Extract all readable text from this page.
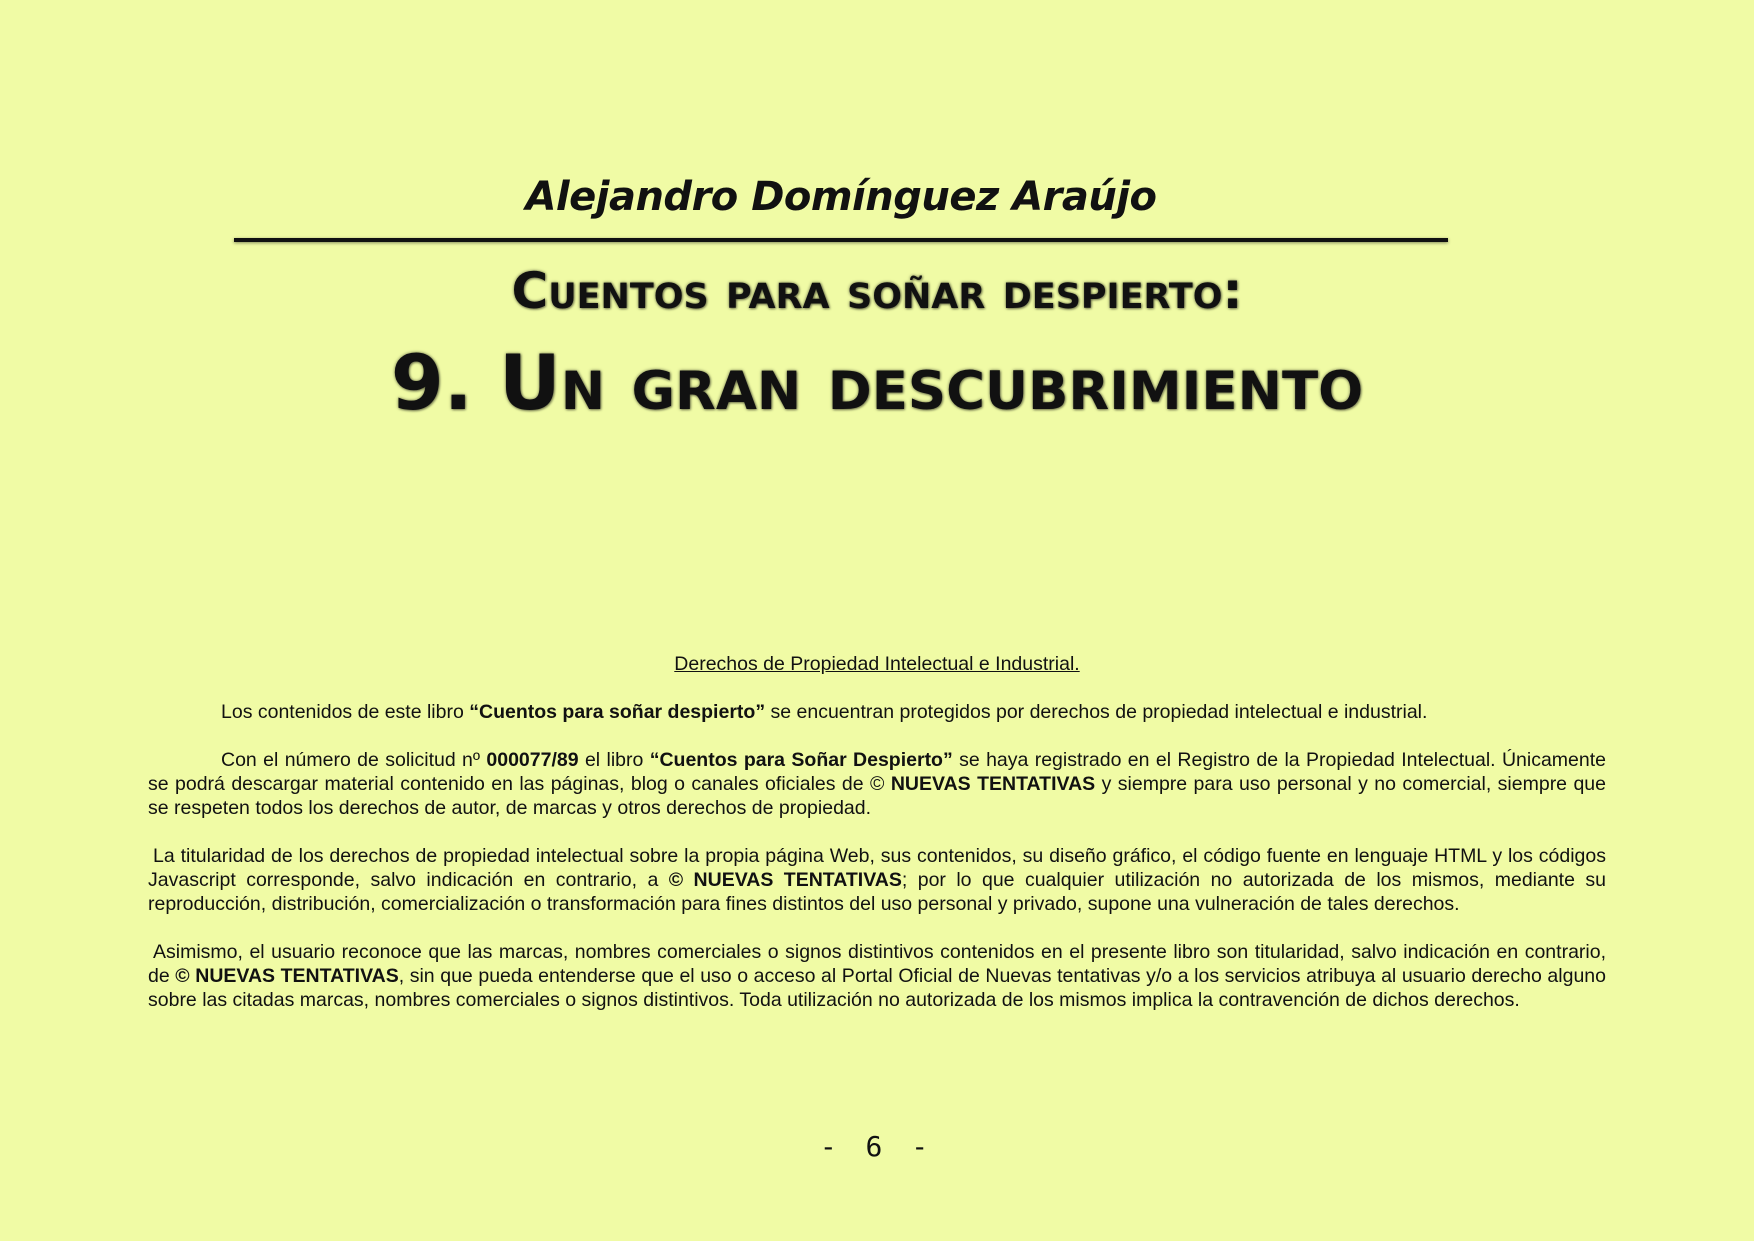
Alejandro Domínguez Araújo
Cuentos para soñar despierto:
9. Un gran descubrimiento
Derechos de Propiedad Intelectual e Industrial.

Los contenidos de este libro “Cuentos para soñar despierto” se encuentran protegidos por derechos de propiedad intelectual e industrial.

Con el número de solicitud nº 000077/89 el libro “Cuentos para Soñar Despierto” se haya registrado en el Registro de la Propiedad Intelectual. Únicamente se podrá descargar material contenido en las páginas, blog o canales oficiales de © NUEVAS TENTATIVAS y siempre para uso personal y no comercial, siempre que se respeten todos los derechos de autor, de marcas y otros derechos de propiedad.

La titularidad de los derechos de propiedad intelectual sobre la propia página Web, sus contenidos, su diseño gráfico, el código fuente en lenguaje HTML y los códigos Javascript corresponde, salvo indicación en contrario, a © NUEVAS TENTATIVAS; por lo que cualquier utilización no autorizada de los mismos, mediante su reproducción, distribución, comercialización o transformación para fines distintos del uso personal y privado, supone una vulneración de tales derechos.

Asimismo, el usuario reconoce que las marcas, nombres comerciales o signos distintivos contenidos en el presente libro son titularidad, salvo indicación en contrario, de © NUEVAS TENTATIVAS, sin que pueda entenderse que el uso o acceso al Portal Oficial de Nuevas tentativas y/o a los servicios atribuya al usuario derecho alguno sobre las citadas marcas, nombres comerciales o signos distintivos. Toda utilización no autorizada de los mismos implica la contravención de dichos derechos.

- 6 -
